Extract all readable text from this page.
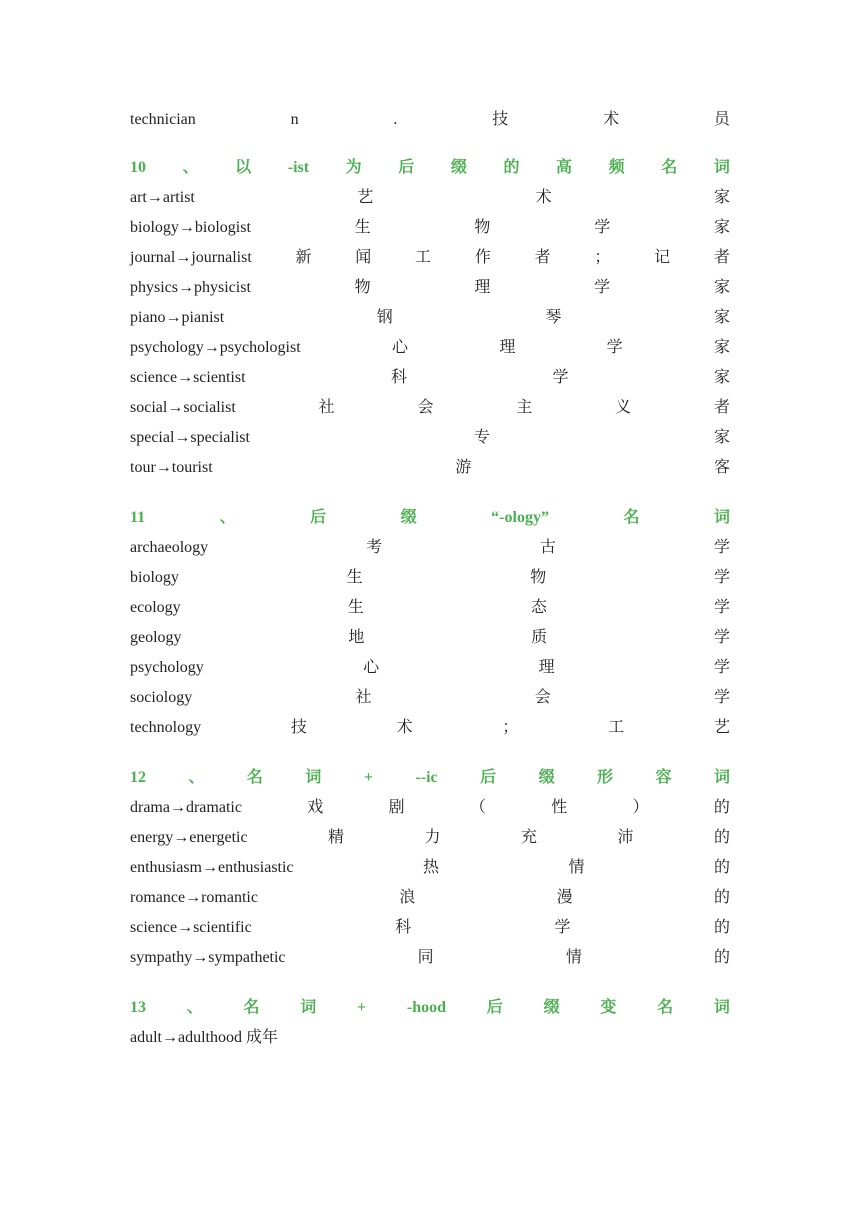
technician	n	.	技	术	员
10 、 以 -ist 为 后 缀 的 高 频 名 词
art→artist	艺	术	家
biology→biologist	生	物	学	家
journal→journalist	新	闻	工	作	者	；	记	者
physics→physicist	物	理	学	家
piano→pianist	钢	琴	家
psychology→psychologist	心	理	学	家
science→scientist	科	学	家
social→socialist	社	会	主	义	者
special→specialist	专	家
tour→tourist	游	客
11	、	后	缀	“-ology”	名	词
archaeology	考	古	学
biology	生	物	学
ecology	生	态	学
geology	地	质	学
psychology	心	理	学
sociology	社	会	学
technology	技	术	；	工	艺
12	、	名	词	+	--ic	后	缀	形	容	词
drama→dramatic	戏	剧	（	性	）	的
energy→energetic	精	力	充	沛	的
enthusiasm→enthusiastic	热	情	的
romance→romantic	浪	漫	的
science→scientific	科	学	的
sympathy→sympathetic	同	情	的
13	、	名	词	+	-hood	后	缀	变	名	词
adult→adulthood 成年
